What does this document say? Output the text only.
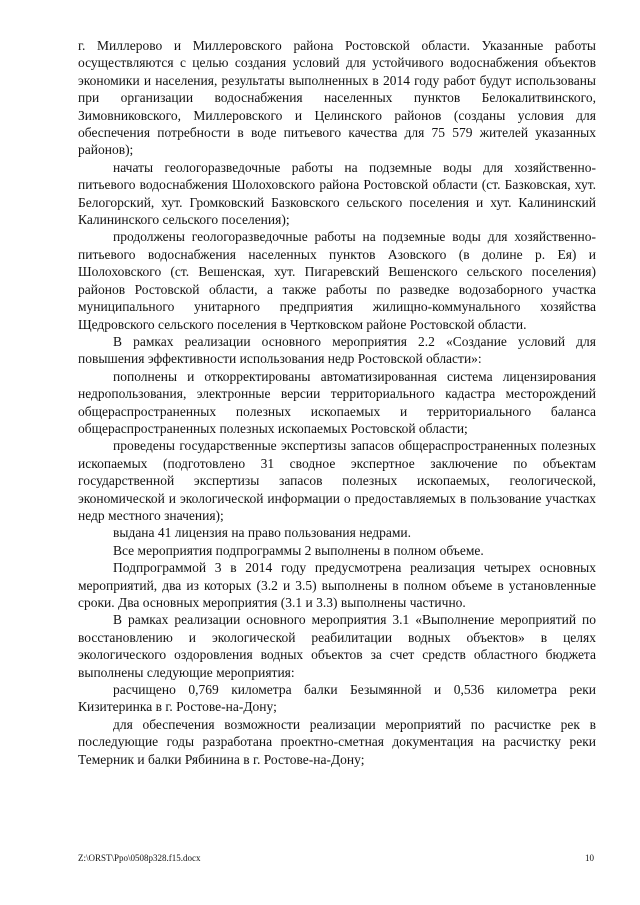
г. Миллерово и Миллеровского района Ростовской области. Указанные работы осуществляются с целью создания условий для устойчивого водоснабжения объектов экономики и населения, результаты выполненных в 2014 году работ будут использованы при организации водоснабжения населенных пунктов Белокалитвинского, Зимовниковского, Миллеровского и Целинского районов (созданы условия для обеспечения потребности в воде питьевого качества для 75 579 жителей указанных районов);

начаты геологоразведочные работы на подземные воды для хозяйственно-питьевого водоснабжения Шолоховского района Ростовской области (ст. Базковская, хут. Белогорский, хут. Громковский Базковского сельского поселения и хут. Калининский Калининского сельского поселения);

продолжены геологоразведочные работы на подземные воды для хозяйственно-питьевого водоснабжения населенных пунктов Азовского (в долине р. Ея) и Шолоховского (ст. Вешенская, хут. Пигаревский Вешенского сельского поселения) районов Ростовской области, а также работы по разведке водозаборного участка муниципального унитарного предприятия жилищно-коммунального хозяйства Щедровского сельского поселения в Чертковском районе Ростовской области.

В рамках реализации основного мероприятия 2.2 «Создание условий для повышения эффективности использования недр Ростовской области»:

пополнены и откорректированы автоматизированная система лицензирования недропользования, электронные версии территориального кадастра месторождений общераспространенных полезных ископаемых и территориального баланса общераспространенных полезных ископаемых Ростовской области;

проведены государственные экспертизы запасов общераспространенных полезных ископаемых (подготовлено 31 сводное экспертное заключение по объектам государственной экспертизы запасов полезных ископаемых, геологической, экономической и экологической информации о предоставляемых в пользование участках недр местного значения);

выдана 41 лицензия на право пользования недрами.

Все мероприятия подпрограммы 2 выполнены в полном объеме.

Подпрограммой 3 в 2014 году предусмотрена реализация четырех основных мероприятий, два из которых (3.2 и 3.5) выполнены в полном объеме в установленные сроки. Два основных мероприятия (3.1 и 3.3) выполнены частично.

В рамках реализации основного мероприятия 3.1 «Выполнение мероприятий по восстановлению и экологической реабилитации водных объектов» в целях экологического оздоровления водных объектов за счет средств областного бюджета выполнены следующие мероприятия:

расчищено 0,769 километра балки Безымянной и 0,536 километра реки Кизитеринка в г. Ростове-на-Дону;

для обеспечения возможности реализации мероприятий по расчистке рек в последующие годы разработана проектно-сметная документация на расчистку реки Темерник и балки Рябинина в г. Ростове-на-Дону;

Z:\ORST\Ppo\0508p328.f15.docx	10
